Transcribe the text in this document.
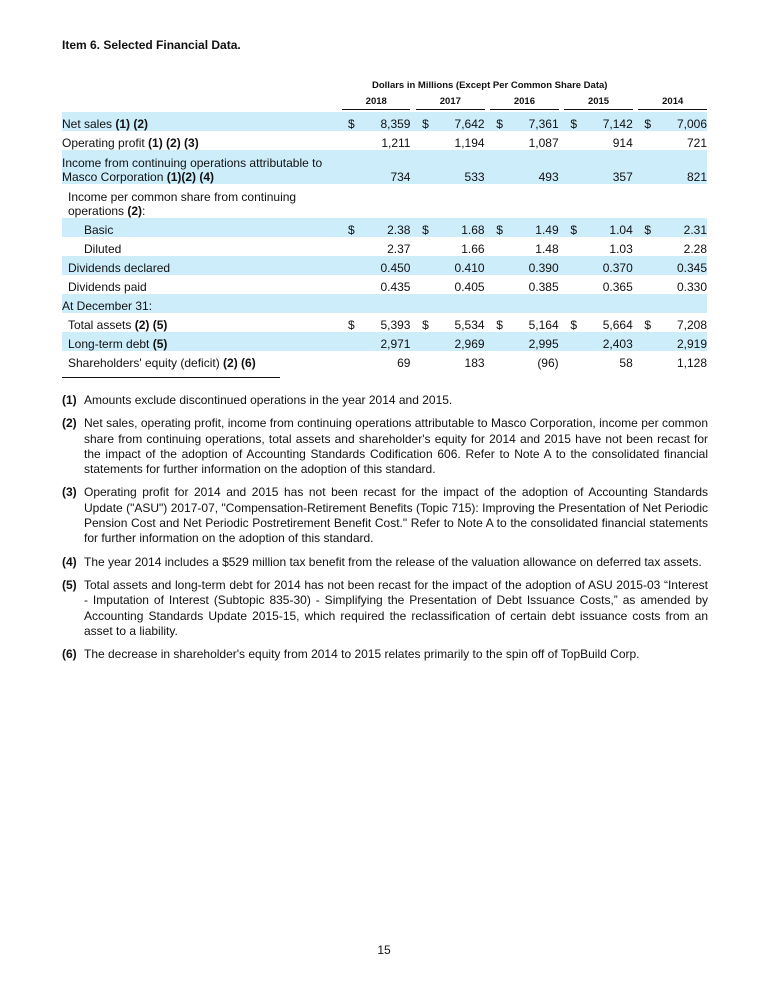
Item 6. Selected Financial Data.
Dollars in Millions (Except Per Common Share Data)

	2018			2017			2016			2015			2014	

Net sales (1) (2)	$	8,359		$	7,642		$	7,361		$	7,142		$	7,006
Operating profit (1) (2) (3)		1,211			1,194			1,087			914			721
Income from continuing operations attributable to Masco Corporation (1)(2) (4)		734			533			493			357			821
Income per common share from continuing operations (2):														
Basic	$	2.38		$	1.68		$	1.49		$	1.04		$	2.31
Diluted		2.37			1.66			1.48			1.03			2.28
Dividends declared		0.450			0.410			0.390			0.370			0.345
Dividends paid		0.435			0.405			0.385			0.365			0.330
At December 31:														
Total assets (2) (5)	$	5,393		$	5,534		$	5,164		$	5,664		$	7,208
Long-term debt (5)		2,971			2,969			2,995			2,403			2,919
Shareholders' equity (deficit) (2) (6)		69			183			(96)			58			1,128
(1) Amounts exclude discontinued operations in the year 2014 and 2015.
(2) Net sales, operating profit, income from continuing operations attributable to Masco Corporation, income per common share from continuing operations, total assets and shareholder's equity for 2014 and 2015 have not been recast for the impact of the adoption of Accounting Standards Codification 606. Refer to Note A to the consolidated financial statements for further information on the adoption of this standard.
(3) Operating profit for 2014 and 2015 has not been recast for the impact of the adoption of Accounting Standards Update ("ASU") 2017-07, "Compensation-Retirement Benefits (Topic 715): Improving the Presentation of Net Periodic Pension Cost and Net Periodic Postretirement Benefit Cost." Refer to Note A to the consolidated financial statements for further information on the adoption of this standard.
(4) The year 2014 includes a $529 million tax benefit from the release of the valuation allowance on deferred tax assets.
(5) Total assets and long-term debt for 2014 has not been recast for the impact of the adoption of ASU 2015-03 “Interest - Imputation of Interest (Subtopic 835-30) - Simplifying the Presentation of Debt Issuance Costs,” as amended by Accounting Standards Update 2015-15, which required the reclassification of certain debt issuance costs from an asset to a liability.
(6) The decrease in shareholder's equity from 2014 to 2015 relates primarily to the spin off of TopBuild Corp.
15
